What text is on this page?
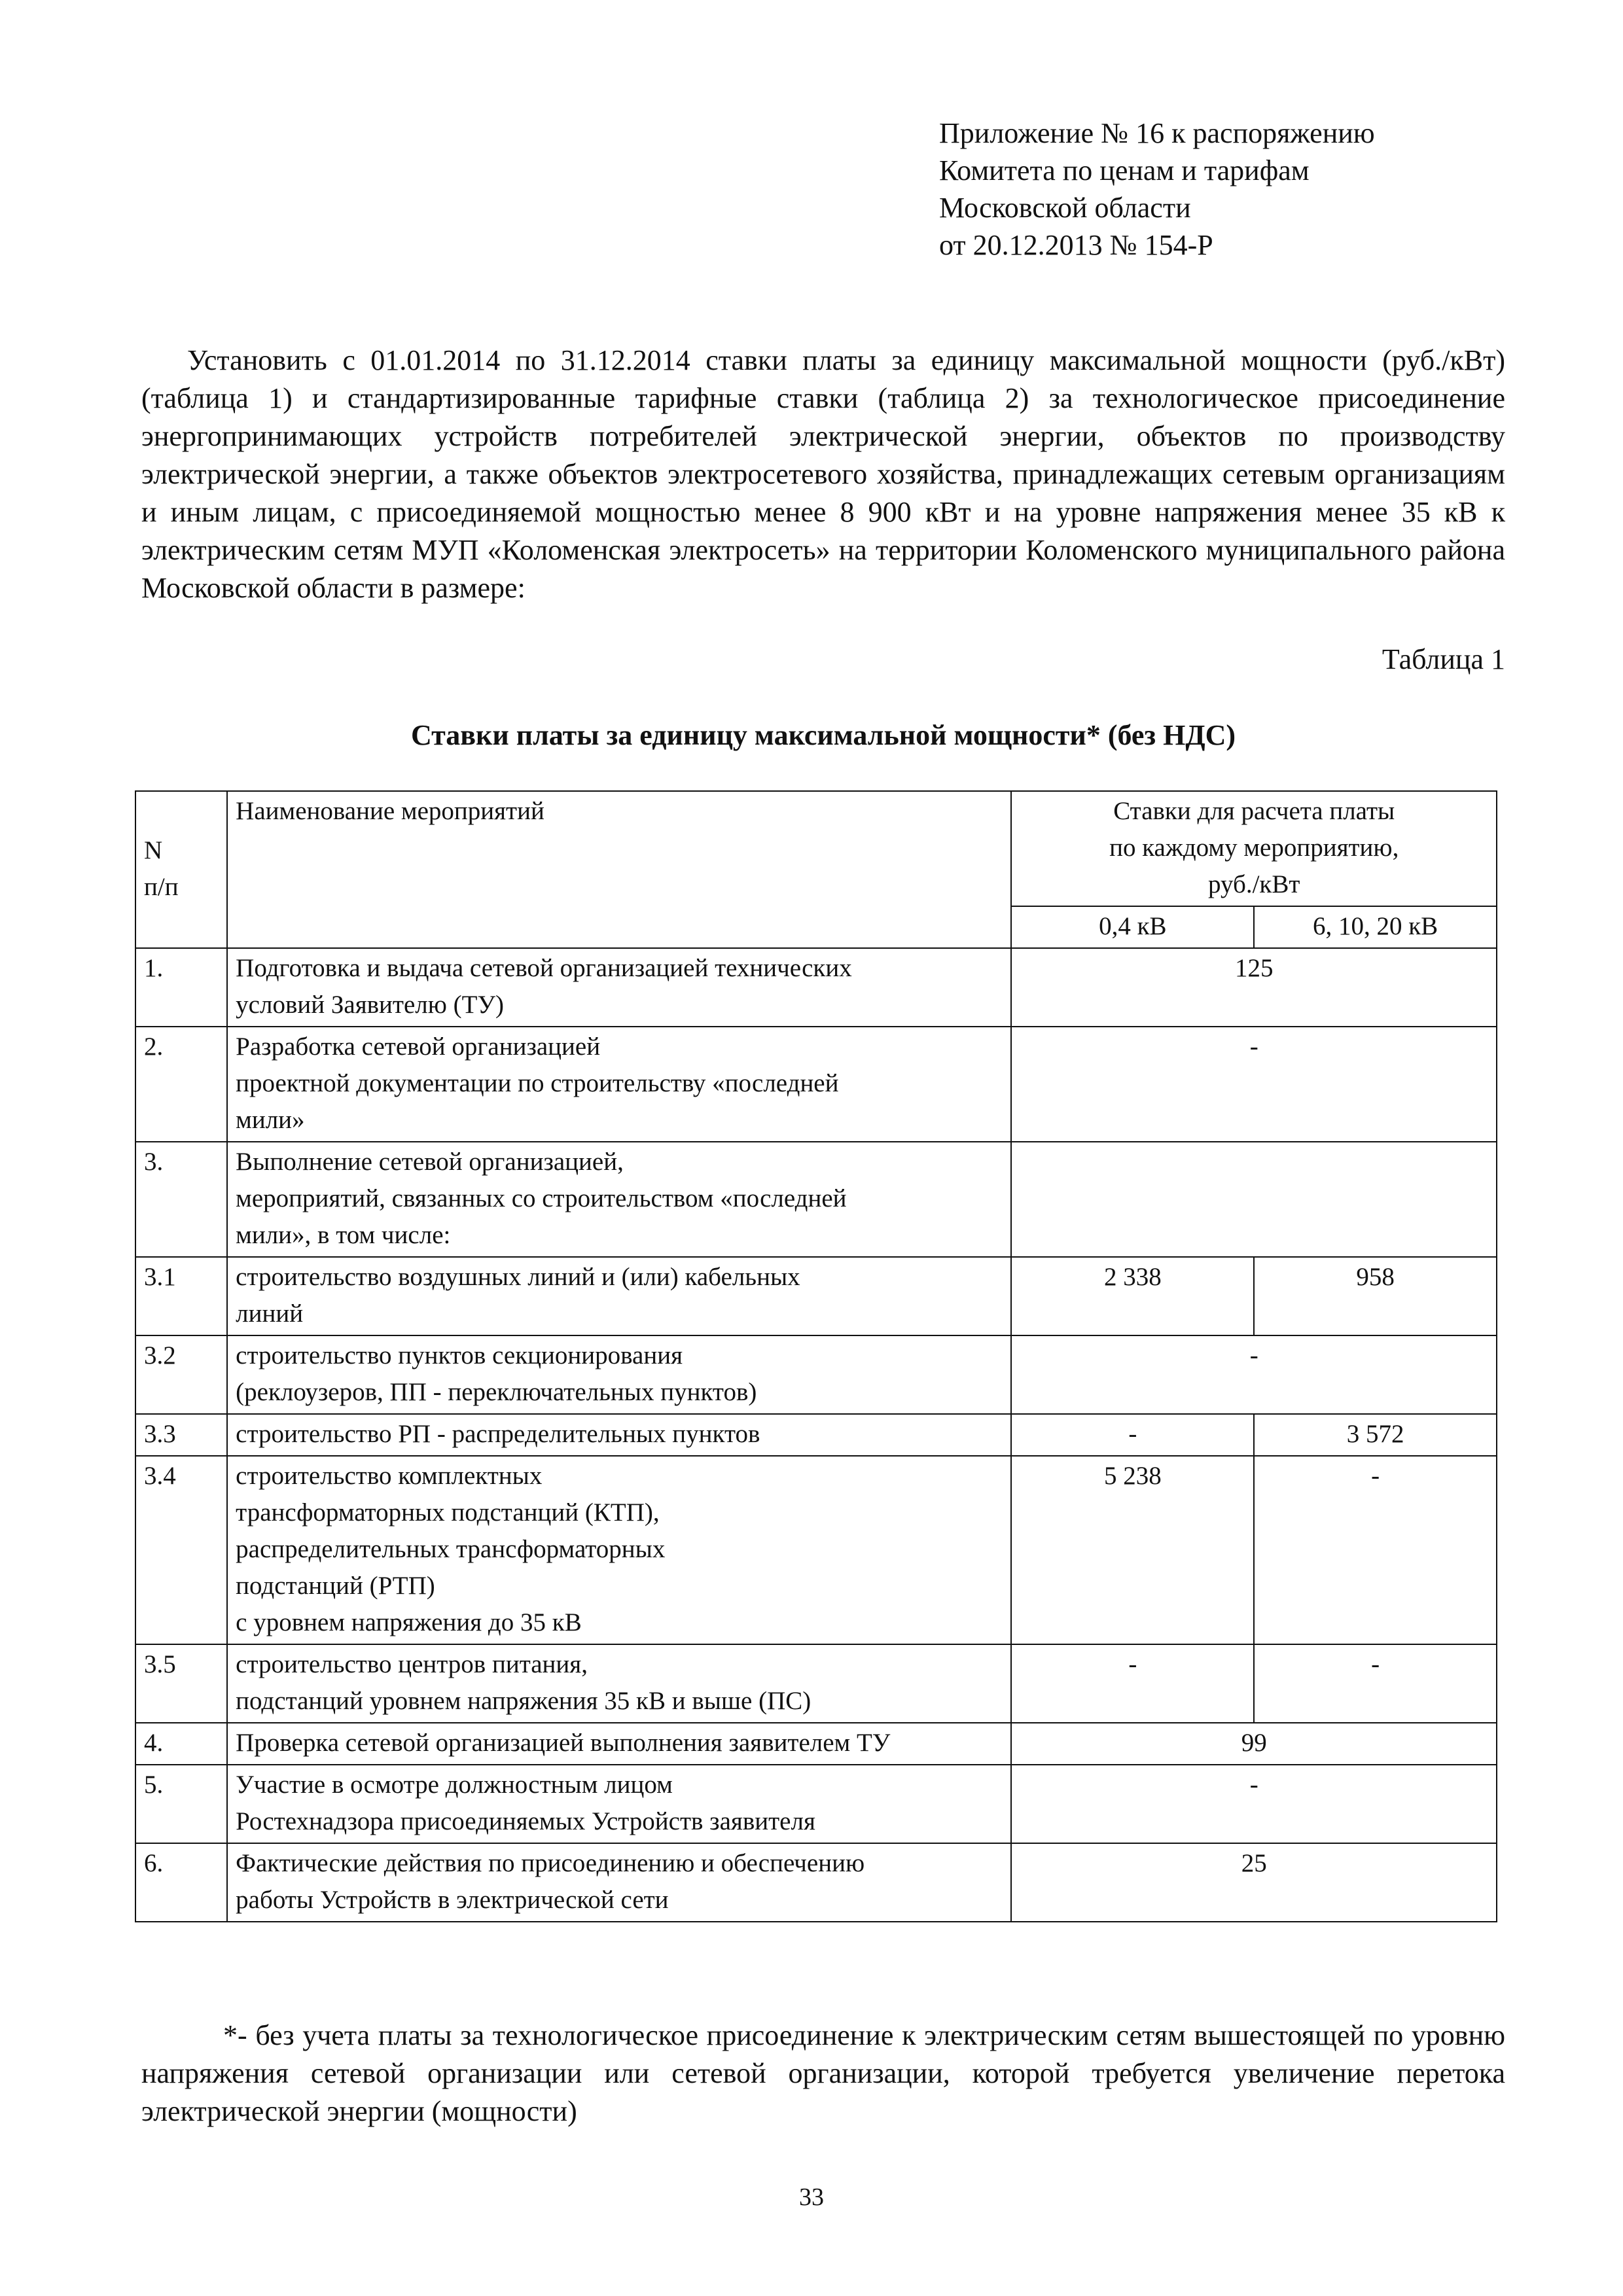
Приложение № 16 к распоряжению
Комитета по ценам и тарифам
Московской области
от 20.12.2013 № 154-Р

Установить с 01.01.2014 по 31.12.2014 ставки платы за единицу максимальной мощности (руб./кВт) (таблица 1) и стандартизированные тарифные ставки (таблица 2) за технологическое присоединение энергопринимающих устройств потребителей электрической энергии, объектов по производству электрической энергии, а также объектов электросетевого хозяйства, принадлежащих сетевым организациям и иным лицам, с присоединяемой мощностью менее 8 900 кВт и на уровне напряжения менее 35 кВ к электрическим сетям МУП «Коломенская электросеть» на территории Коломенского муниципального района Московской области в размере:

Таблица 1
Ставки платы за единицу максимальной мощности* (без НДС)
N
п/п	Наименование мероприятий	Ставки для расчета платы
по каждому мероприятию,
руб./кВт	
		0,4 кВ	6, 10, 20 кВ
1.	Подготовка и выдача сетевой организацией технических
условий Заявителю (ТУ)	125	
2.	Разработка сетевой организацией
проектной документации по строительству «последней
мили»	-	
3.	Выполнение сетевой организацией,
мероприятий, связанных со строительством «последней
мили», в том числе:		
3.1	строительство воздушных линий и (или) кабельных
линий	2 338	958
3.2	строительство пунктов секционирования
(реклоузеров, ПП - переключательных пунктов)	-	
3.3	строительство РП - распределительных пунктов	-	3 572
3.4	строительство комплектных
трансформаторных подстанций (КТП),
распределительных трансформаторных
подстанций (РТП)
с уровнем напряжения до 35 кВ	5 238	-
3.5	строительство центров питания,
подстанций уровнем напряжения 35 кВ и выше (ПС)	-	-
4.	Проверка сетевой организацией выполнения заявителем ТУ	99	
5.	Участие в осмотре должностным лицом
Ростехнадзора присоединяемых Устройств заявителя	-	
6.	Фактические действия по присоединению и обеспечению
работы Устройств в электрической сети	25	

*- без учета платы за технологическое присоединение к электрическим сетям вышестоящей по уровню напряжения сетевой организации или сетевой организации, которой требуется увеличение перетока электрической энергии (мощности)

33
